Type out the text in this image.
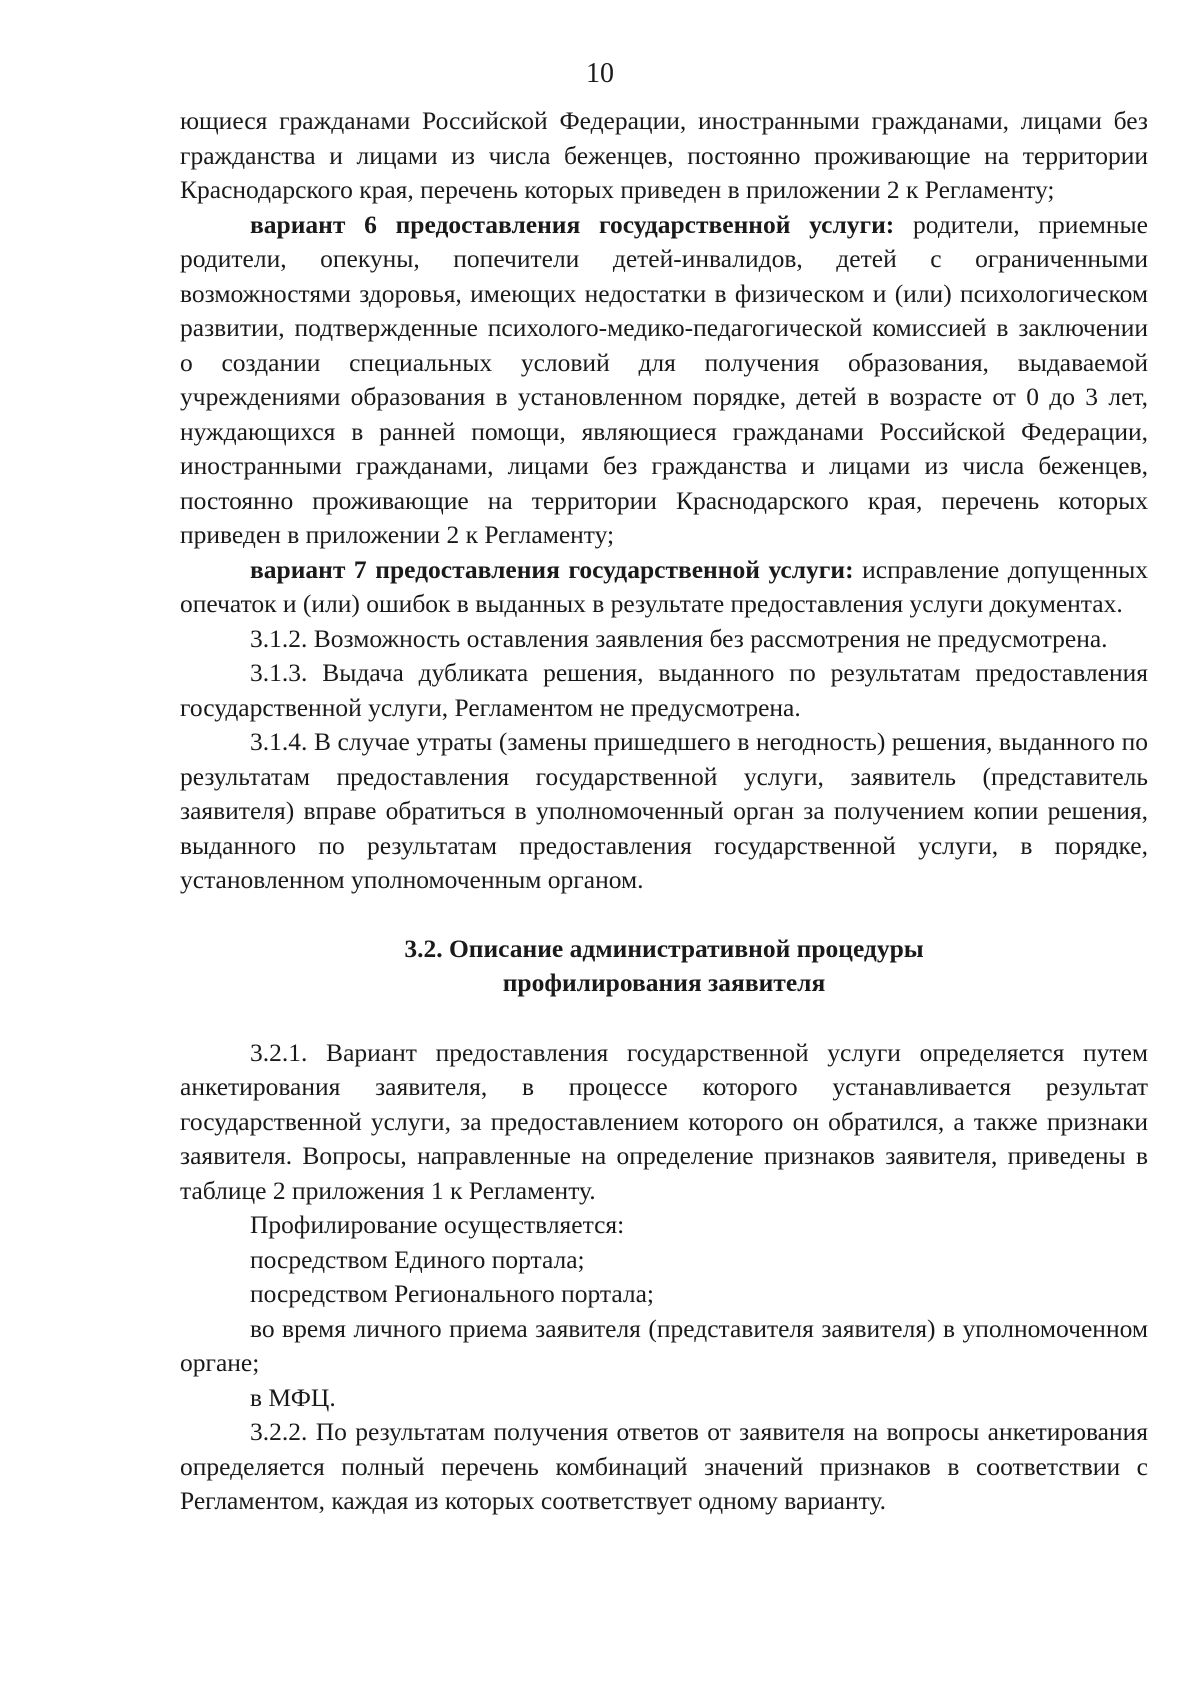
10

ющиеся гражданами Российской Федерации, иностранными гражданами, лицами без гражданства и лицами из числа беженцев, постоянно проживающие на территории Краснодарского края, перечень которых приведен в приложении 2 к Регламенту;

вариант 6 предоставления государственной услуги: родители, приемные родители, опекуны, попечители детей-инвалидов, детей с ограниченными возможностями здоровья, имеющих недостатки в физическом и (или) психологическом развитии, подтвержденные психолого-медико-педагогической комиссией в заключении о создании специальных условий для получения образования, выдаваемой учреждениями образования в установленном порядке, детей в возрасте от 0 до 3 лет, нуждающихся в ранней помощи, являющиеся гражданами Российской Федерации, иностранными гражданами, лицами без гражданства и лицами из числа беженцев, постоянно проживающие на территории Краснодарского края, перечень которых приведен в приложении 2 к Регламенту;

вариант 7 предоставления государственной услуги: исправление допущенных опечаток и (или) ошибок в выданных в результате предоставления услуги документах.

3.1.2. Возможность оставления заявления без рассмотрения не предусмотрена.

3.1.3. Выдача дубликата решения, выданного по результатам предоставления государственной услуги, Регламентом не предусмотрена.

3.1.4. В случае утраты (замены пришедшего в негодность) решения, выданного по результатам предоставления государственной услуги, заявитель (представитель заявителя) вправе обратиться в уполномоченный орган за получением копии решения, выданного по результатам предоставления государственной услуги, в порядке, установленном уполномоченным органом.

3.2. Описание административной процедуры
профилирования заявителя

3.2.1. Вариант предоставления государственной услуги определяется путем анкетирования заявителя, в процессе которого устанавливается результат государственной услуги, за предоставлением которого он обратился, а также признаки заявителя. Вопросы, направленные на определение признаков заявителя, приведены в таблице 2 приложения 1 к Регламенту.

Профилирование осуществляется:

посредством Единого портала;

посредством Регионального портала;

во время личного приема заявителя (представителя заявителя) в уполномоченном органе;

в МФЦ.

3.2.2. По результатам получения ответов от заявителя на вопросы анкетирования определяется полный перечень комбинаций значений признаков в соответствии с Регламентом, каждая из которых соответствует одному варианту.
